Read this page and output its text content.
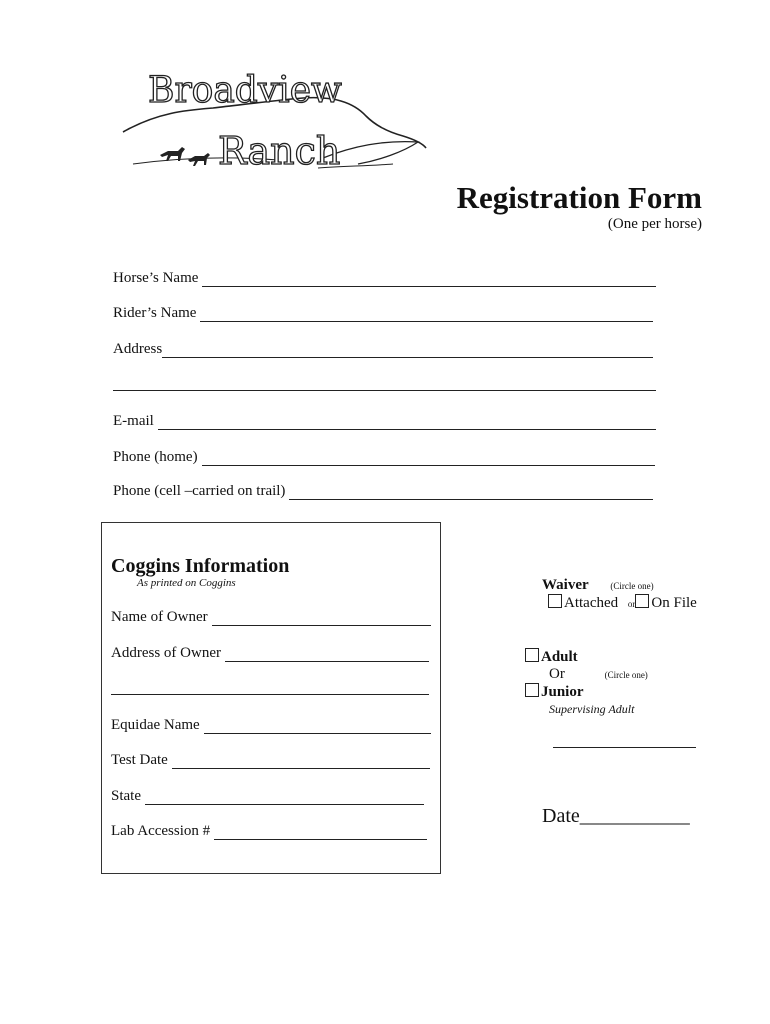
Broadview
Ranch
Registration Form
(One per horse)
Horse’s Name
Rider’s Name
Address
E-mail
Phone (home)
Phone (cell –carried on trail)
Coggins Information
As printed on Coggins
Name of Owner
Address of Owner
Equidae Name
Test Date
State
Lab Accession #
Waiver (Circle one)
Attached or On File
Adult
Or	(Circle one)
Junior
Supervising Adult
Date___________
